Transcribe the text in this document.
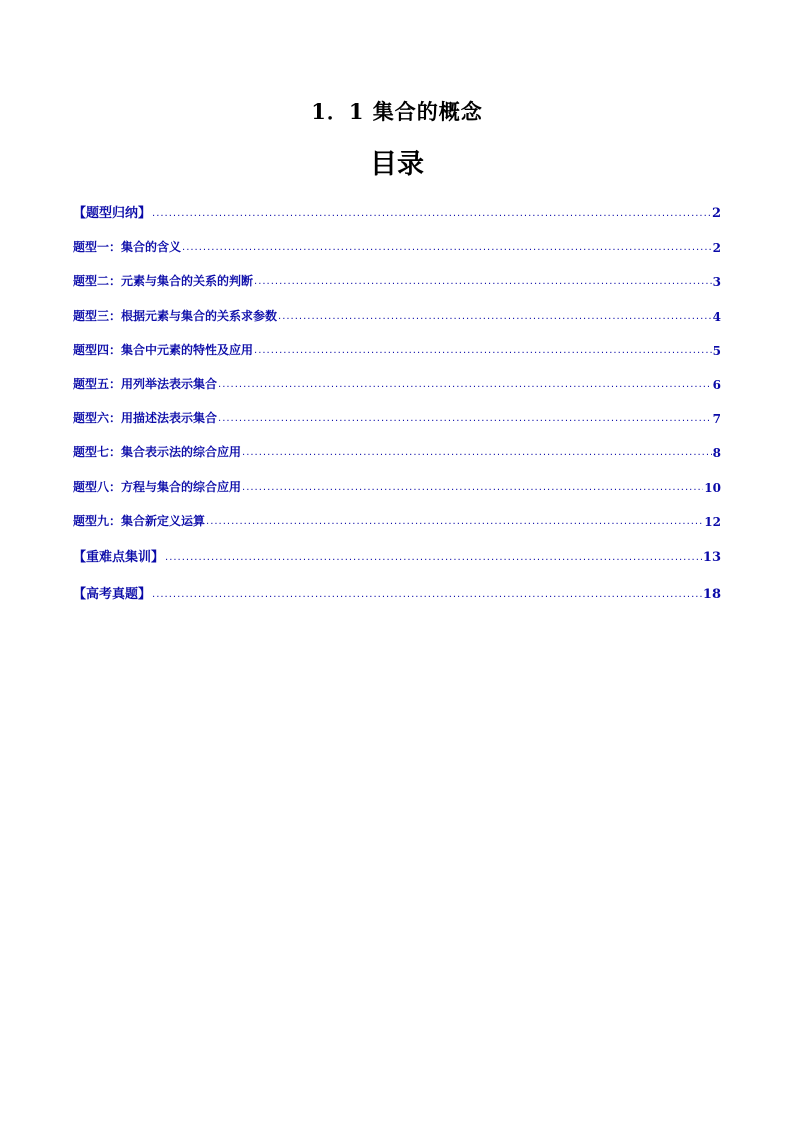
1．1 集合的概念
目录
【题型归纳】 .....	2
题型一：集合的含义 .....	2
题型二：元素与集合的关系的判断 .....	3
题型三：根据元素与集合的关系求参数 .....	4
题型四：集合中元素的特性及应用 .....	5
题型五：用列举法表示集合 .....	6
题型六：用描述法表示集合 .....	7
题型七：集合表示法的综合应用 .....	8
题型八：方程与集合的综合应用 .....	10
题型九：集合新定义运算 .....	12
【重难点集训】 .....	13
【高考真题】 .....	18
